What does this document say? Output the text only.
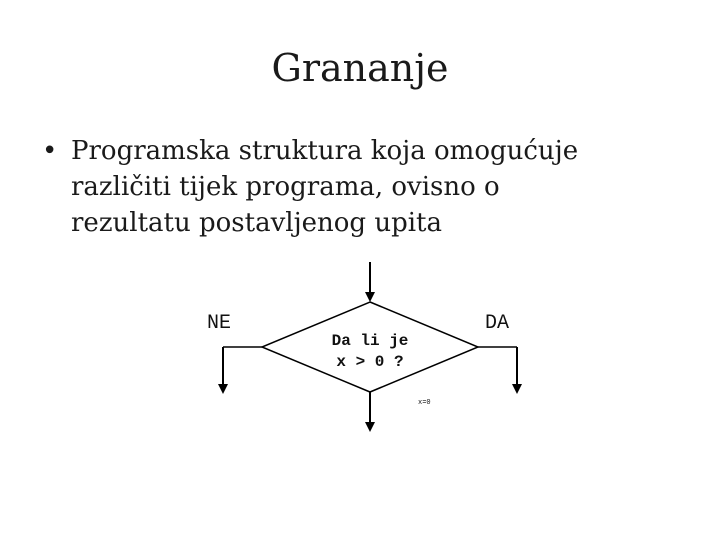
Grananje
• Programska struktura koja omogućuje
različiti tijek programa, ovisno o
rezultatu postavljenog upita
NE	DA
Da li je
x > 0 ?
x=0
